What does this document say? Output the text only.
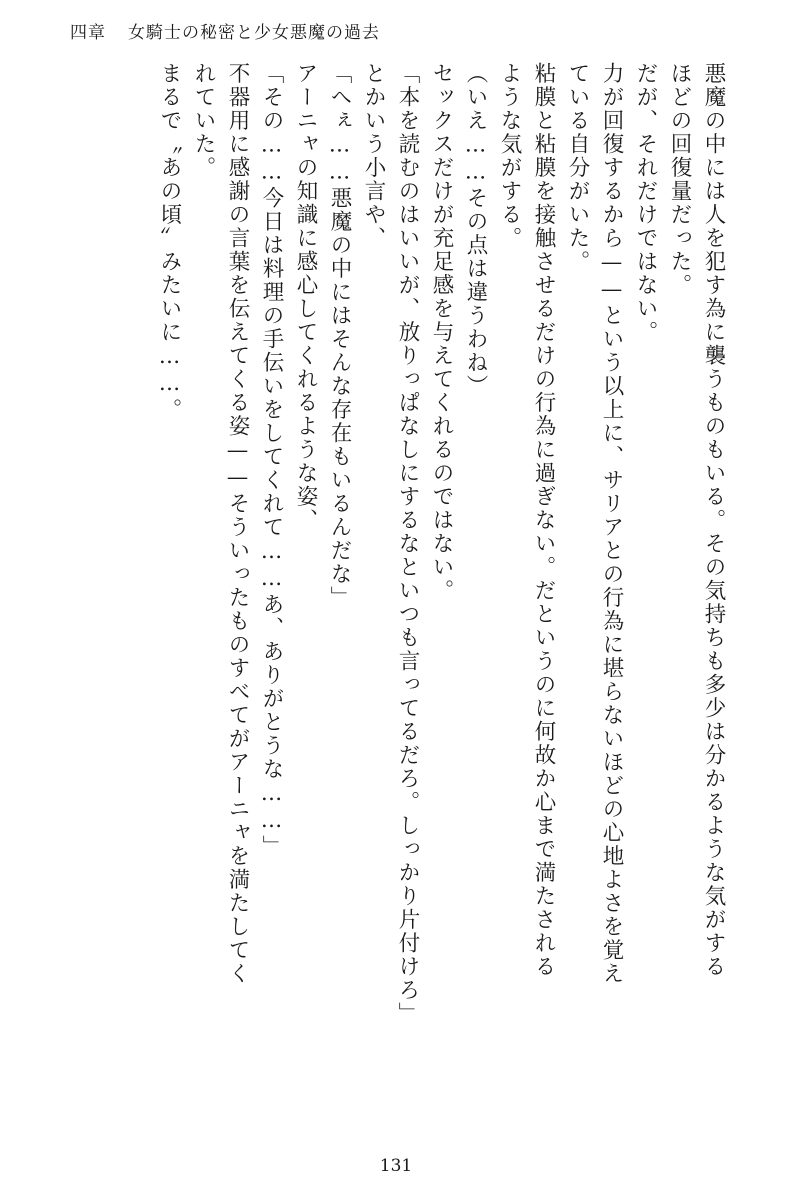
四章 女騎士の秘密と少女悪魔の過去

悪魔の中には人を犯す為に襲うものもいる。その気持ちも多少は分かるような気がする

ほどの回復量だった。

だが、それだけではない。

力が回復するから——という以上に、サリアとの行為に堪らないほどの心地よさを覚え

ている自分がいた。

粘膜と粘膜を接触させるだけの行為に過ぎない。だというのに何故か心まで満たされる

ような気がする。

（いえ……その点は違うわね）

セックスだけが充足感を与えてくれるのではない。

「本を読むのはいいが、放りっぱなしにするなといつも言ってるだろ。しっかり片付けろ」

とかいう小言や、

「へぇ……悪魔の中にはそんな存在もいるんだな」

アーニャの知識に感心してくれるような姿、

「その……今日は料理の手伝いをしてくれて……あ、ありがとうな……」

不器用に感謝の言葉を伝えてくる姿——そういったものすべてがアーニャを満たしてく

れていた。

まるで〝あの頃〟みたいに……。

131
